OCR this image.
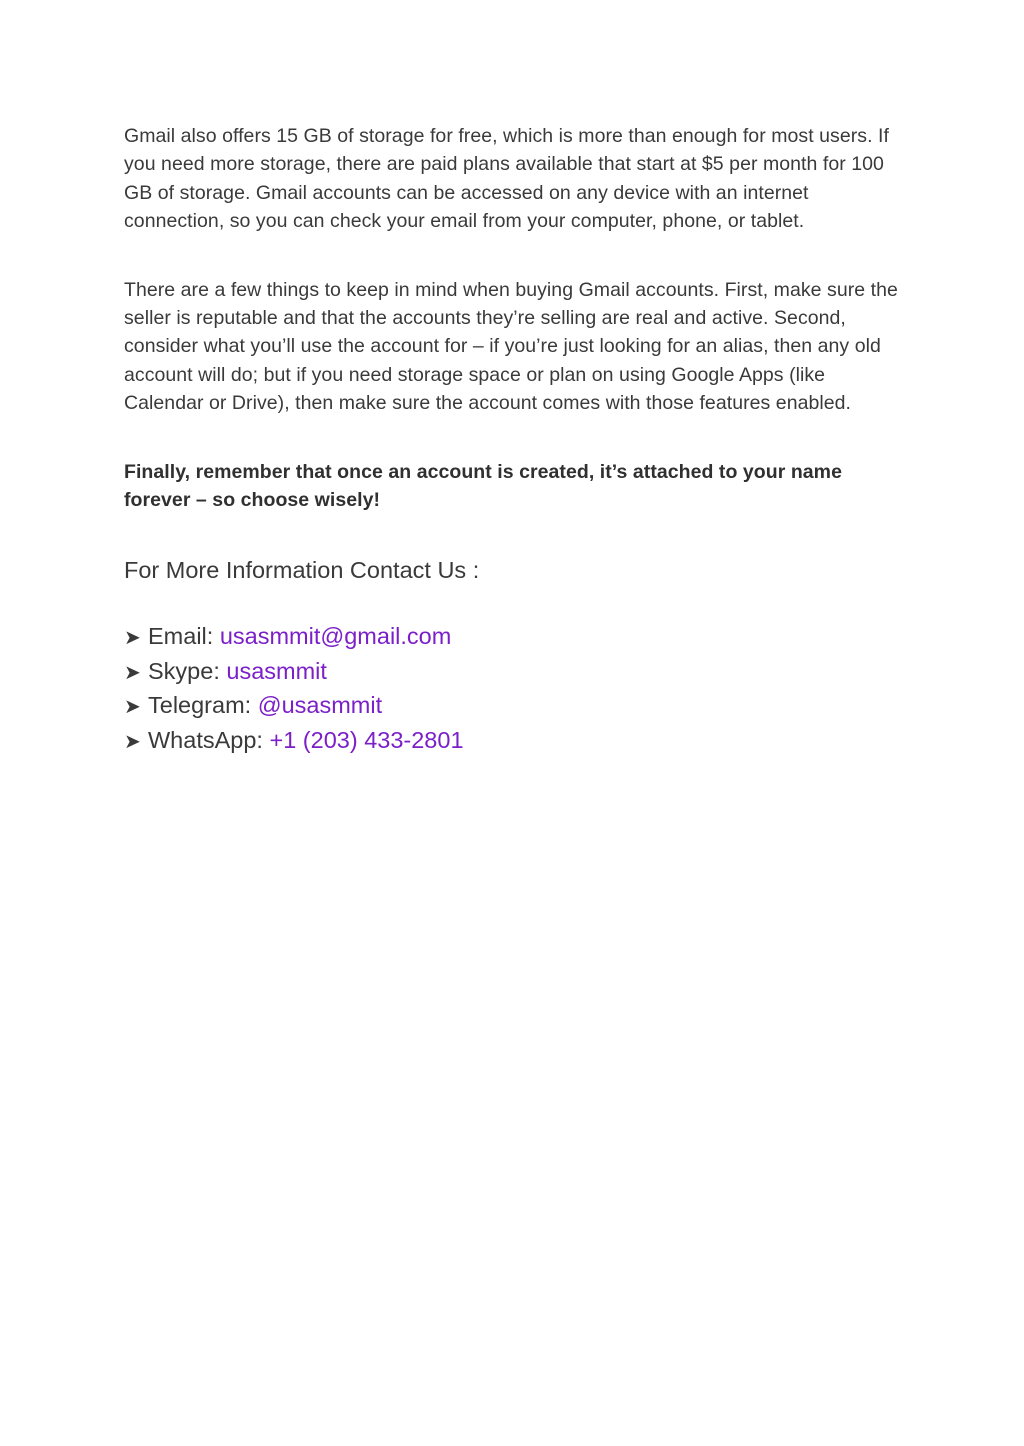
Gmail also offers 15 GB of storage for free, which is more than enough for most users. If you need more storage, there are paid plans available that start at $5 per month for 100 GB of storage. Gmail accounts can be accessed on any device with an internet connection, so you can check your email from your computer, phone, or tablet.

There are a few things to keep in mind when buying Gmail accounts. First, make sure the seller is reputable and that the accounts they’re selling are real and active. Second, consider what you’ll use the account for – if you’re just looking for an alias, then any old account will do; but if you need storage space or plan on using Google Apps (like Calendar or Drive), then make sure the account comes with those features enabled.

Finally, remember that once an account is created, it’s attached to your name forever – so choose wisely!

For More Information Contact Us :
➤ Email: usasmmit@gmail.com
➤ Skype: usasmmit
➤ Telegram: @usasmmit
➤ WhatsApp: +1 (203) 433-2801
